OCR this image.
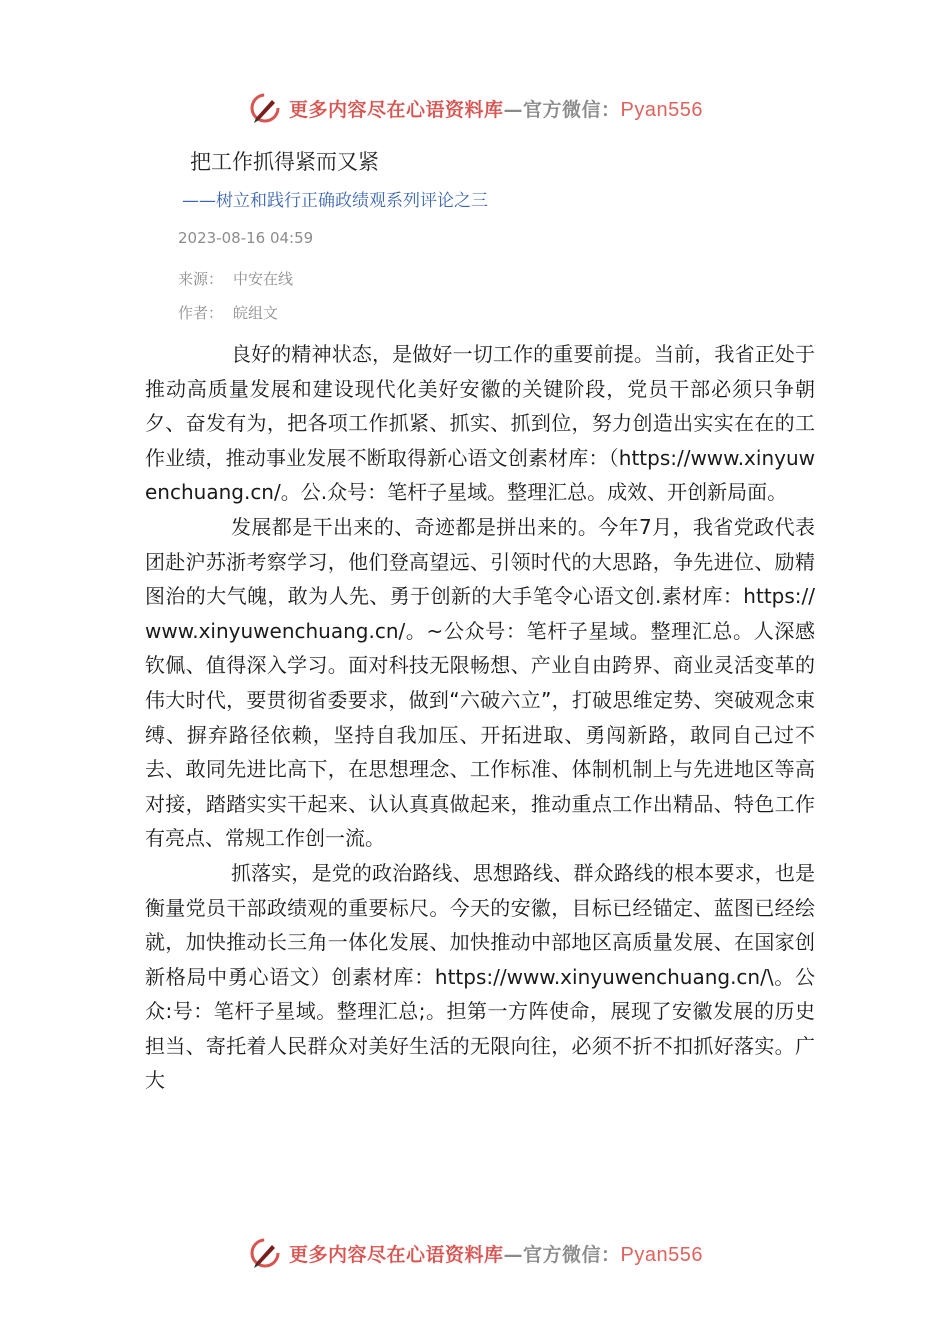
更多内容尽在心语资料库—官方微信：Pyan556
把工作抓得紧而又紧
——树立和践行正确政绩观系列评论之三
2023-08-16 04:59
来源： 中安在线
作者： 皖组文

良好的精神状态，是做好一切工作的重要前提。当前，我省正处于推动高质量发展和建设现代化美好安徽的关键阶段，党员干部必须只争朝夕、奋发有为，把各项工作抓紧、抓实、抓到位，努力创造出实实在在的工作业绩，推动事业发展不断取得新心语文创素材库：（https://www.xinyuwenchuang.cn/。公.众号：笔杆子星域。整理汇总。成效、开创新局面。

发展都是干出来的、奇迹都是拼出来的。今年7月，我省党政代表团赴沪苏浙考察学习，他们登高望远、引领时代的大思路，争先进位、励精图治的大气魄，敢为人先、勇于创新的大手笔令心语文创.素材库：https://www.xinyuwenchuang.cn/。~公众号：笔杆子星域。整理汇总。人深感钦佩、值得深入学习。面对科技无限畅想、产业自由跨界、商业灵活变革的伟大时代，要贯彻省委要求，做到“六破六立”，打破思维定势、突破观念束缚、摒弃路径依赖，坚持自我加压、开拓进取、勇闯新路，敢同自己过不去、敢同先进比高下，在思想理念、工作标准、体制机制上与先进地区等高对接，踏踏实实干起来、认认真真做起来，推动重点工作出精品、特色工作有亮点、常规工作创一流。

抓落实，是党的政治路线、思想路线、群众路线的根本要求，也是衡量党员干部政绩观的重要标尺。今天的安徽，目标已经锚定、蓝图已经绘就，加快推动长三角一体化发展、加快推动中部地区高质量发展、在国家创新格局中勇心语文）创素材库：https://www.xinyuwenchuang.cn/\。公众:号：笔杆子星域。整理汇总;。担第一方阵使命，展现了安徽发展的历史担当、寄托着人民群众对美好生活的无限向往，必须不折不扣抓好落实。广大

更多内容尽在心语资料库—官方微信：Pyan556
